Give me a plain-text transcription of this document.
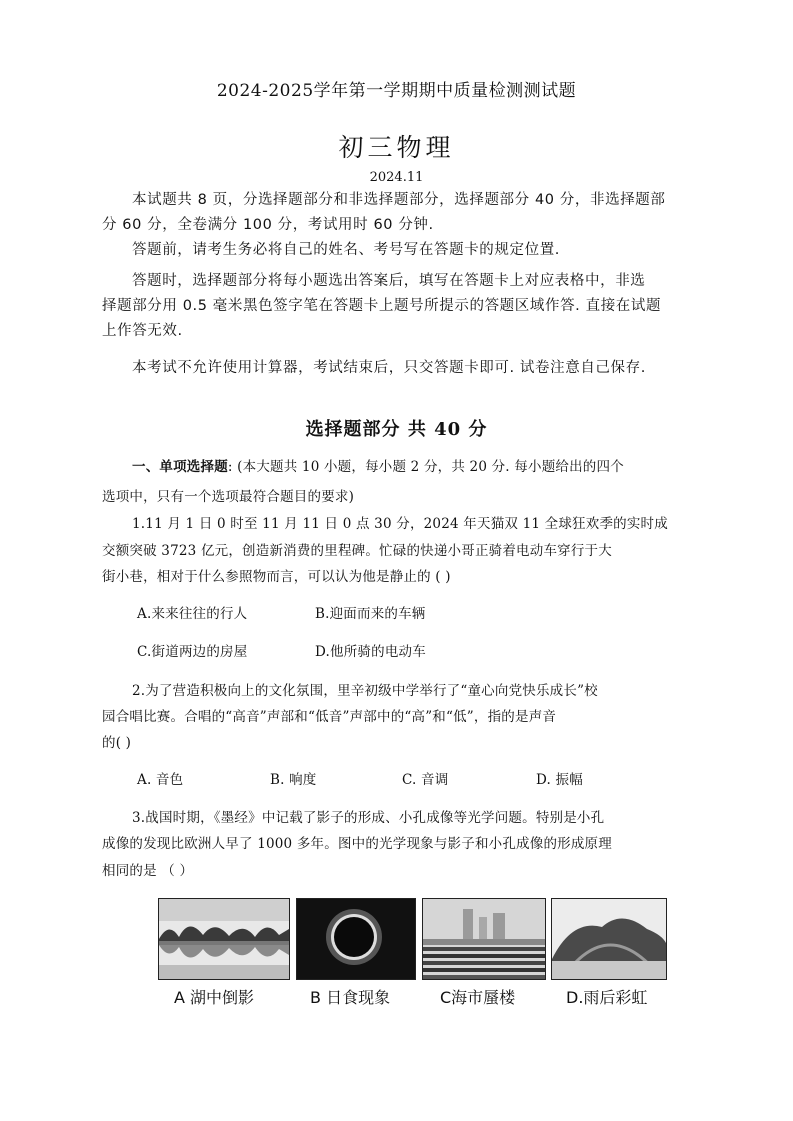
2024-2025学年第一学期期中质量检测测试题
初三物理
2024.11
本试题共 8 页，分选择题部分和非选择题部分，选择题部分 40 分，非选择题部
分 60 分，全卷满分 100 分，考试用时 60 分钟.
答题前，请考生务必将自己的姓名、考号写在答题卡的规定位置.
答题时，选择题部分将每小题选出答案后，填写在答题卡上对应表格中，非选
择题部分用 0.5 毫米黑色签字笔在答题卡上题号所提示的答题区域作答. 直接在试题
上作答无效.
本考试不允许使用计算器，考试结束后，只交答题卡即可. 试卷注意自己保存.
选择题部分 共 40 分
一、单项选择题: (本大题共 10 小题，每小题 2 分，共 20 分. 每小题给出的四个
选项中，只有一个选项最符合题目的要求)
1.11 月 1 日 0 时至 11 月 11 日 0 点 30 分，2024 年天猫双 11 全球狂欢季的实时成
交额突破 3723 亿元，创造新消费的里程碑。忙碌的快递小哥正骑着电动车穿行于大
街小巷，相对于什么参照物而言，可以认为他是静止的 ( )
A.来来往往的行人	B.迎面而来的车辆
C.街道两边的房屋	D.他所骑的电动车
2.为了营造积极向上的文化氛围，里辛初级中学举行了“童心向党快乐成长”校
园合唱比赛。合唱的“高音”声部和“低音”声部中的“高”和“低”，指的是声音
的( )
A. 音色	B. 响度	C. 音调	D. 振幅
3.战国时期，《墨经》中记载了影子的形成、小孔成像等光学问题。特别是小孔
成像的发现比欧洲人早了 1000 多年。图中的光学现象与影子和小孔成像的形成原理
相同的是 （ ）
A 湖中倒影	B 日食现象	C海市蜃楼	D.雨后彩虹
